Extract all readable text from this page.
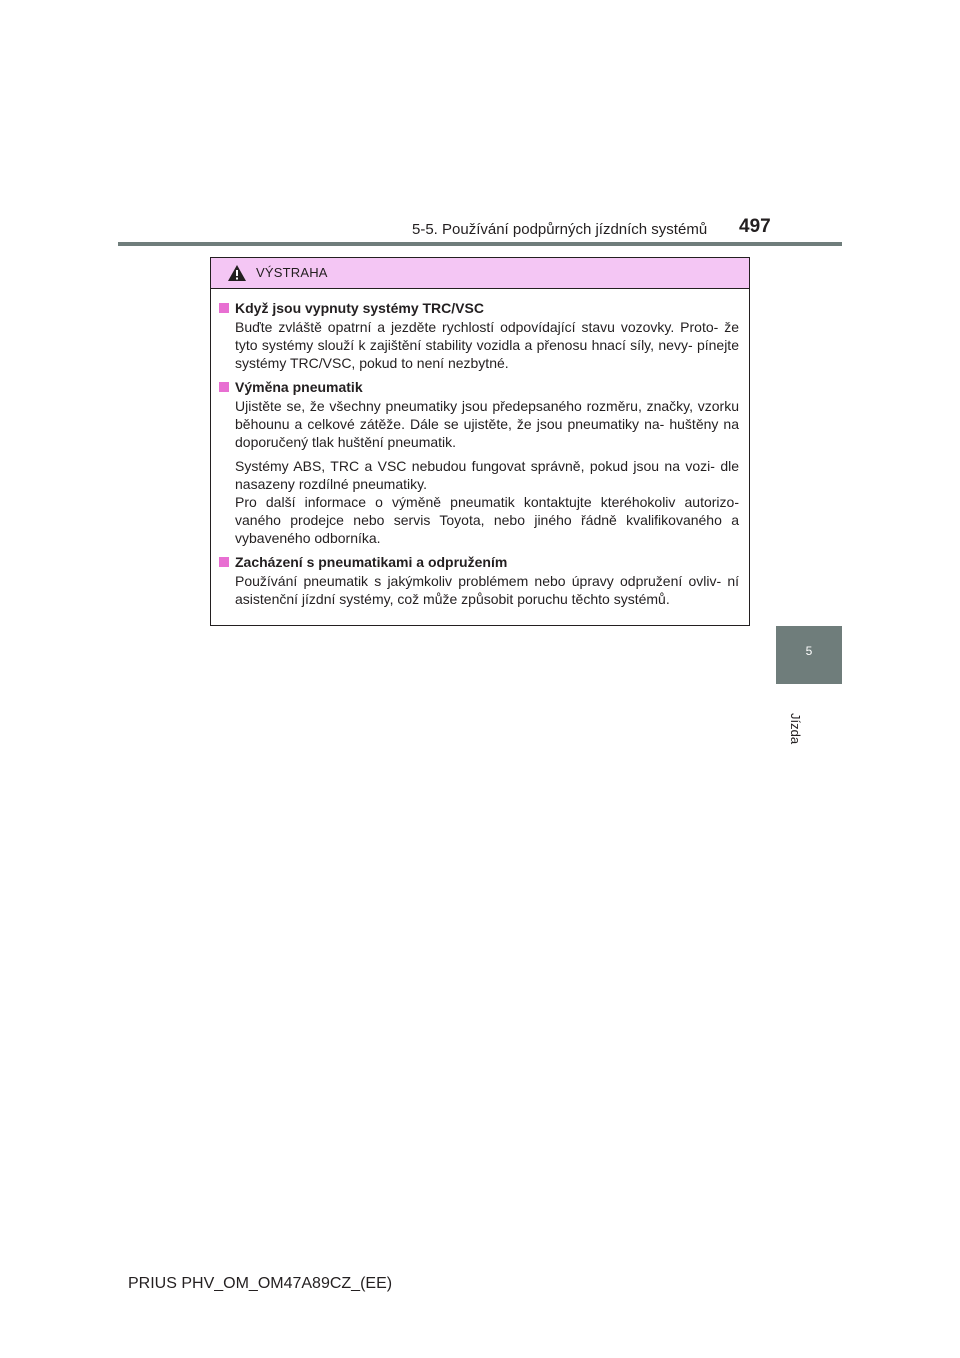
5-5. Používání podpůrných jízdních systémů 497
5
Jízda
VÝSTRAHA
Když jsou vypnuty systémy TRC/VSC
Buďte zvláště opatrní a jezděte rychlostí odpovídající stavu vozovky. Proto- že tyto systémy slouží k zajištění stability vozidla a přenosu hnací síly, nevy- pínejte systémy TRC/VSC, pokud to není nezbytné.
Výměna pneumatik
Ujistěte se, že všechny pneumatiky jsou předepsaného rozměru, značky, vzorku běhounu a celkové zátěže. Dále se ujistěte, že jsou pneumatiky na- huštěny na doporučený tlak huštění pneumatik.
Systémy ABS, TRC a VSC nebudou fungovat správně, pokud jsou na vozi- dle nasazeny rozdílné pneumatiky.
Pro další informace o výměně pneumatik kontaktujte kteréhokoliv autorizo- vaného prodejce nebo servis Toyota, nebo jiného řádně kvalifikovaného a vybaveného odborníka.
Zacházení s pneumatikami a odpružením
Používání pneumatik s jakýmkoliv problémem nebo úpravy odpružení ovliv- ní asistenční jízdní systémy, což může způsobit poruchu těchto systémů.
PRIUS PHV_OM_OM47A89CZ_(EE)
